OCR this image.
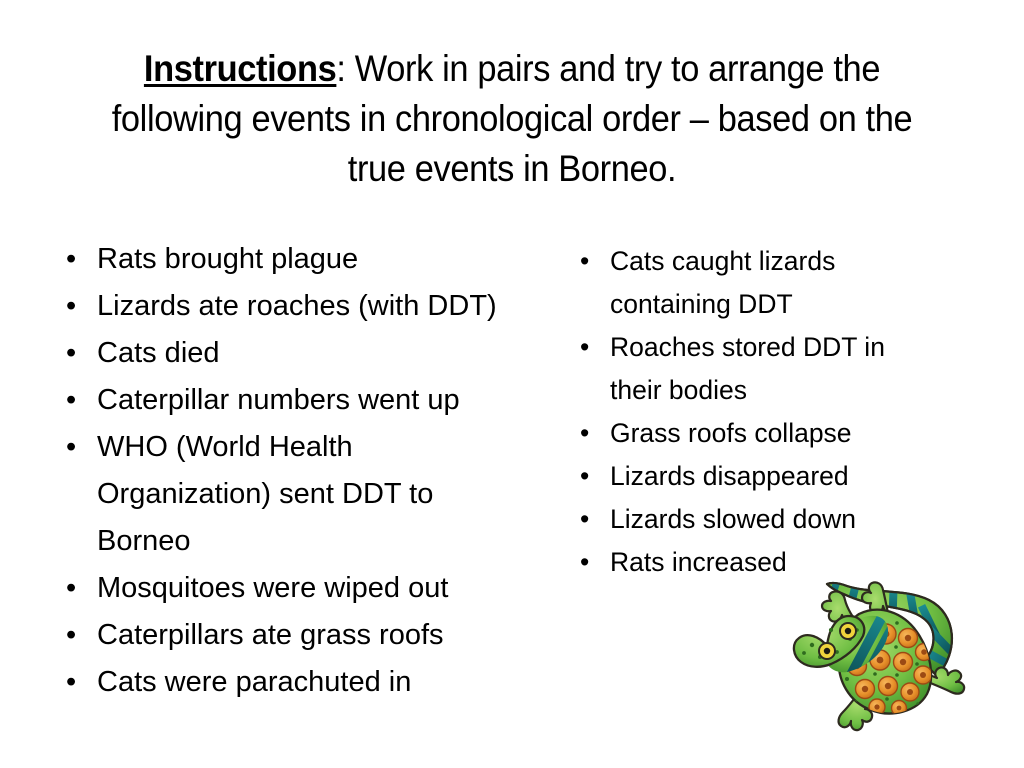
Instructions: Work in pairs and try to arrange the following events in chronological order – based on the true events in Borneo.
• Rats brought plague
• Lizards ate roaches (with DDT)
• Cats died
• Caterpillar numbers went up
• WHO (World Health Organization) sent DDT to Borneo
• Mosquitoes were wiped out
• Caterpillars ate grass roofs
• Cats were parachuted in
• Cats caught lizards containing DDT
• Roaches stored DDT in their bodies
• Grass roofs collapse
• Lizards disappeared
• Lizards slowed down
• Rats increased
